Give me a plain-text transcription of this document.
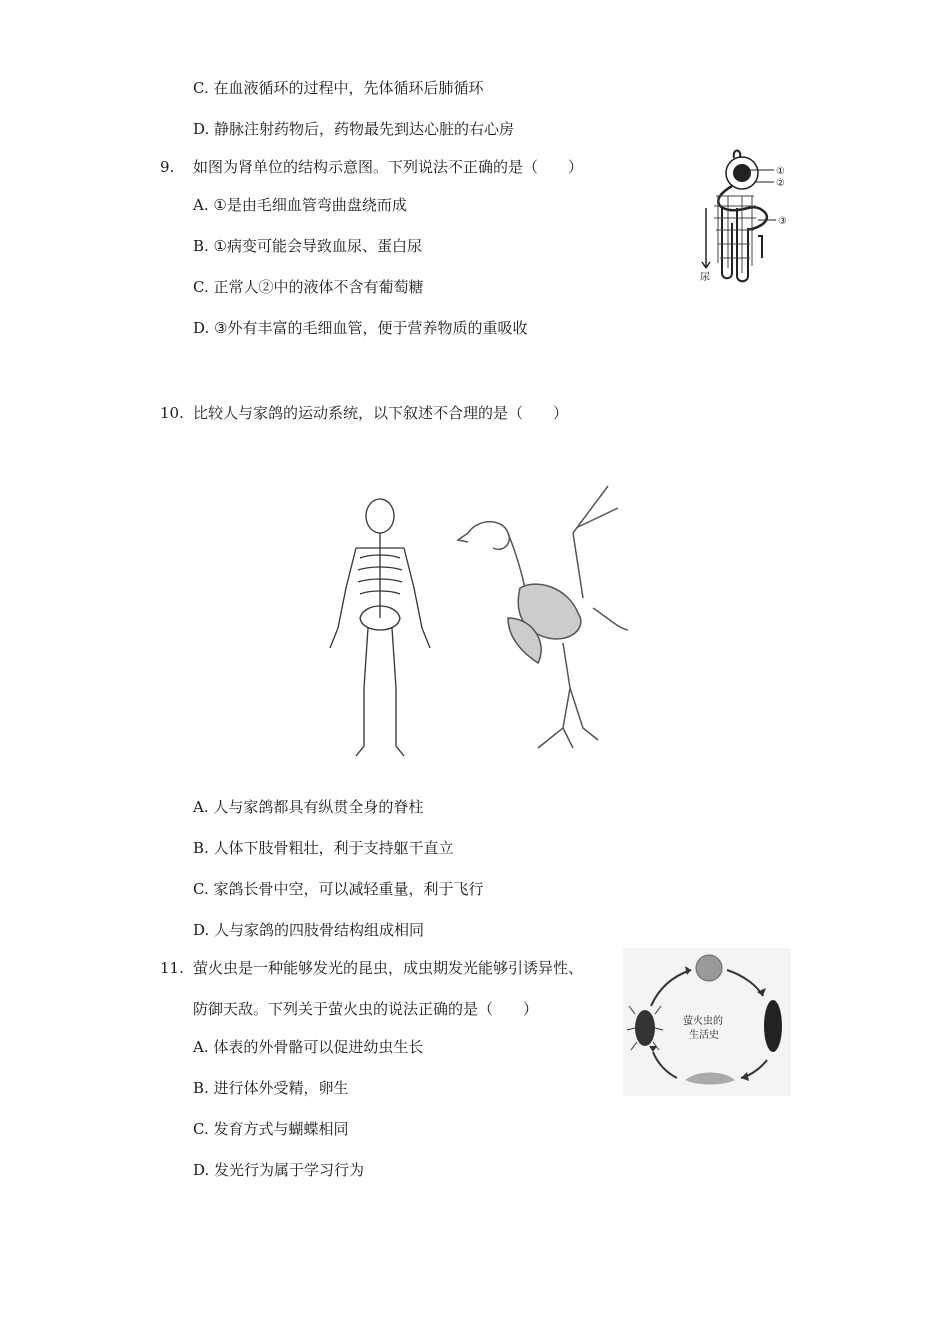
C. 在血液循环的过程中，先体循环后肺循环
D. 静脉注射药物后，药物最先到达心脏的右心房
9. 如图为肾单位的结构示意图。下列说法不正确的是（　　）
A. ①是由毛细血管弯曲盘绕而成
B. ①病变可能会导致血尿、蛋白尿
C. 正常人②中的液体不含有葡萄糖
D. ③外有丰富的毛细血管，便于营养物质的重吸收
①
②
③
尿
10. 比较人与家鸽的运动系统，以下叙述不合理的是（　　）
A. 人与家鸽都具有纵贯全身的脊柱
B. 人体下肢骨粗壮，利于支持躯干直立
C. 家鸽长骨中空，可以减轻重量，利于飞行
D. 人与家鸽的四肢骨结构组成相同
11. 萤火虫是一种能够发光的昆虫，成虫期发光能够引诱异性、
防御天敌。下列关于萤火虫的说法正确的是（　　）
A. 体表的外骨骼可以促进幼虫生长
B. 进行体外受精，卵生
C. 发育方式与蝴蝶相同
D. 发光行为属于学习行为
萤火虫的
生活史
